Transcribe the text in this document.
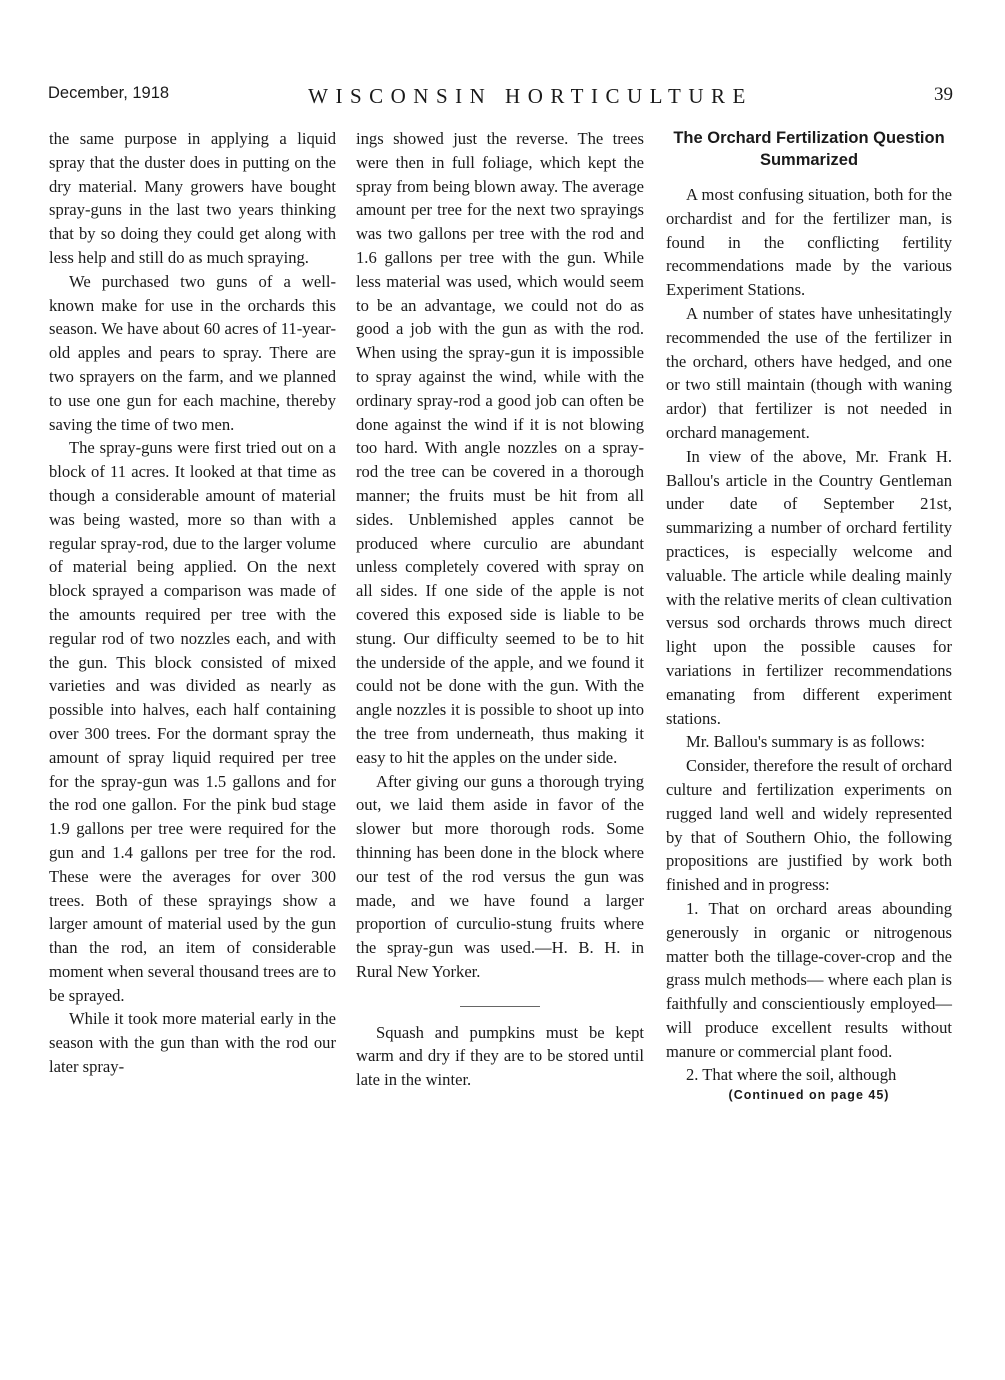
December, 1918	WISCONSIN HORTICULTURE	39

the same purpose in applying a liquid spray that the duster does in putting on the dry material. Many growers have bought spray-guns in the last two years thinking that by so doing they could get along with less help and still do as much spraying.

We purchased two guns of a well-known make for use in the orchards this season. We have about 60 acres of 11-year-old apples and pears to spray. There are two sprayers on the farm, and we planned to use one gun for each machine, thereby saving the time of two men.

The spray-guns were first tried out on a block of 11 acres. It looked at that time as though a considerable amount of material was being wasted, more so than with a regular spray-rod, due to the larger volume of material being applied. On the next block sprayed a comparison was made of the amounts required per tree with the regular rod of two nozzles each, and with the gun. This block consisted of mixed varieties and was divided as nearly as possible into halves, each half containing over 300 trees. For the dormant spray the amount of spray liquid required per tree for the spray-gun was 1.5 gallons and for the rod one gallon. For the pink bud stage 1.9 gallons per tree were required for the gun and 1.4 gallons per tree for the rod. These were the averages for over 300 trees. Both of these sprayings show a larger amount of material used by the gun than the rod, an item of considerable moment when several thousand trees are to be sprayed.

While it took more material early in the season with the gun than with the rod our later spray-

ings showed just the reverse. The trees were then in full foliage, which kept the spray from being blown away. The average amount per tree for the next two sprayings was two gallons per tree with the rod and 1.6 gallons per tree with the gun. While less material was used, which would seem to be an advantage, we could not do as good a job with the gun as with the rod. When using the spray-gun it is impossible to spray against the wind, while with the ordinary spray-rod a good job can often be done against the wind if it is not blowing too hard. With angle nozzles on a spray-rod the tree can be covered in a thorough manner; the fruits must be hit from all sides. Unblemished apples cannot be produced where curculio are abundant unless completely covered with spray on all sides. If one side of the apple is not covered this exposed side is liable to be stung. Our difficulty seemed to be to hit the underside of the apple, and we found it could not be done with the gun. With the angle nozzles it is possible to shoot up into the tree from underneath, thus making it easy to hit the apples on the under side.

After giving our guns a thorough trying out, we laid them aside in favor of the slower but more thorough rods. Some thinning has been done in the block where our test of the rod versus the gun was made, and we have found a larger proportion of curculio-stung fruits where the spray-gun was used.—H. B. H. in Rural New Yorker.

Squash and pumpkins must be kept warm and dry if they are to be stored until late in the winter.

The Orchard Fertilization Question Summarized

A most confusing situation, both for the orchardist and for the fertilizer man, is found in the conflicting fertility recommendations made by the various Experiment Stations.

A number of states have unhesitatingly recommended the use of the fertilizer in the orchard, others have hedged, and one or two still maintain (though with waning ardor) that fertilizer is not needed in orchard management.

In view of the above, Mr. Frank H. Ballou's article in the Country Gentleman under date of September 21st, summarizing a number of orchard fertility practices, is especially welcome and valuable. The article while dealing mainly with the relative merits of clean cultivation versus sod orchards throws much direct light upon the possible causes for variations in fertilizer recommendations emanating from different experiment stations.

Mr. Ballou's summary is as follows:

Consider, therefore the result of orchard culture and fertilization experiments on rugged land well and widely represented by that of Southern Ohio, the following propositions are justified by work both finished and in progress:

1. That on orchard areas abounding generously in organic or nitrogenous matter both the tillage-cover-crop and the grass mulch methods— where each plan is faithfully and conscientiously employed—will produce excellent results without manure or commercial plant food.

2. That where the soil, although

(Continued on page 45)
